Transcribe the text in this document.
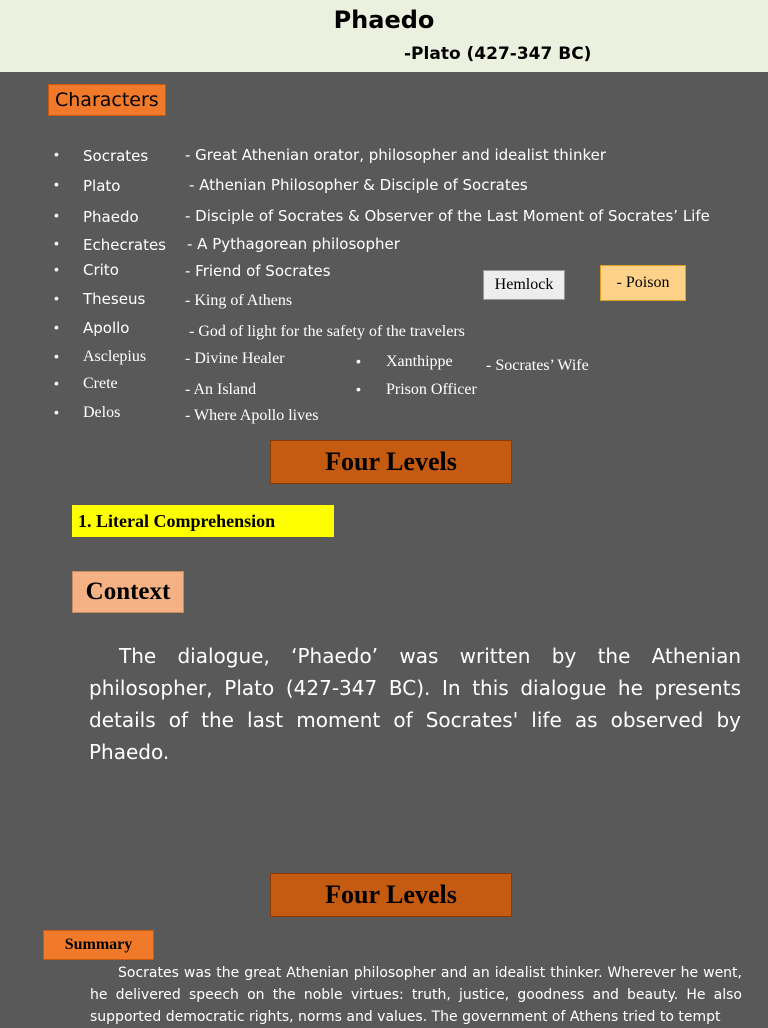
Phaedo
-Plato (427-347 BC)
Characters
• Socrates - Great Athenian orator, philosopher and idealist thinker
• Plato	- Athenian Philosopher & Disciple of Socrates
• Phaedo	- Disciple of Socrates & Observer of the Last Moment of Socrates’ Life
• Echecrates - A Pythagorean philosopher
• Crito	- Friend of Socrates
• Theseus - King of Athens
• Apollo	- God of light for the safety of the travelers
• Asclepius - Divine Healer
• Crete	- An Island
• Delos	- Where Apollo lives
• Xanthippe - Socrates’ Wife
• Prison Officer
Hemlock	- Poison
Four Levels
1. Literal Comprehension
Context
The dialogue, ‘Phaedo’ was written by the Athenian philosopher, Plato (427-347 BC). In this dialogue he presents details of the last moment of Socrates' life as observed by Phaedo.
Four Levels
Summary
Socrates was the great Athenian philosopher and an idealist thinker. Wherever he went, he delivered speech on the noble virtues: truth, justice, goodness and beauty. He also supported democratic rights, norms and values. The government of Athens tried to tempt
